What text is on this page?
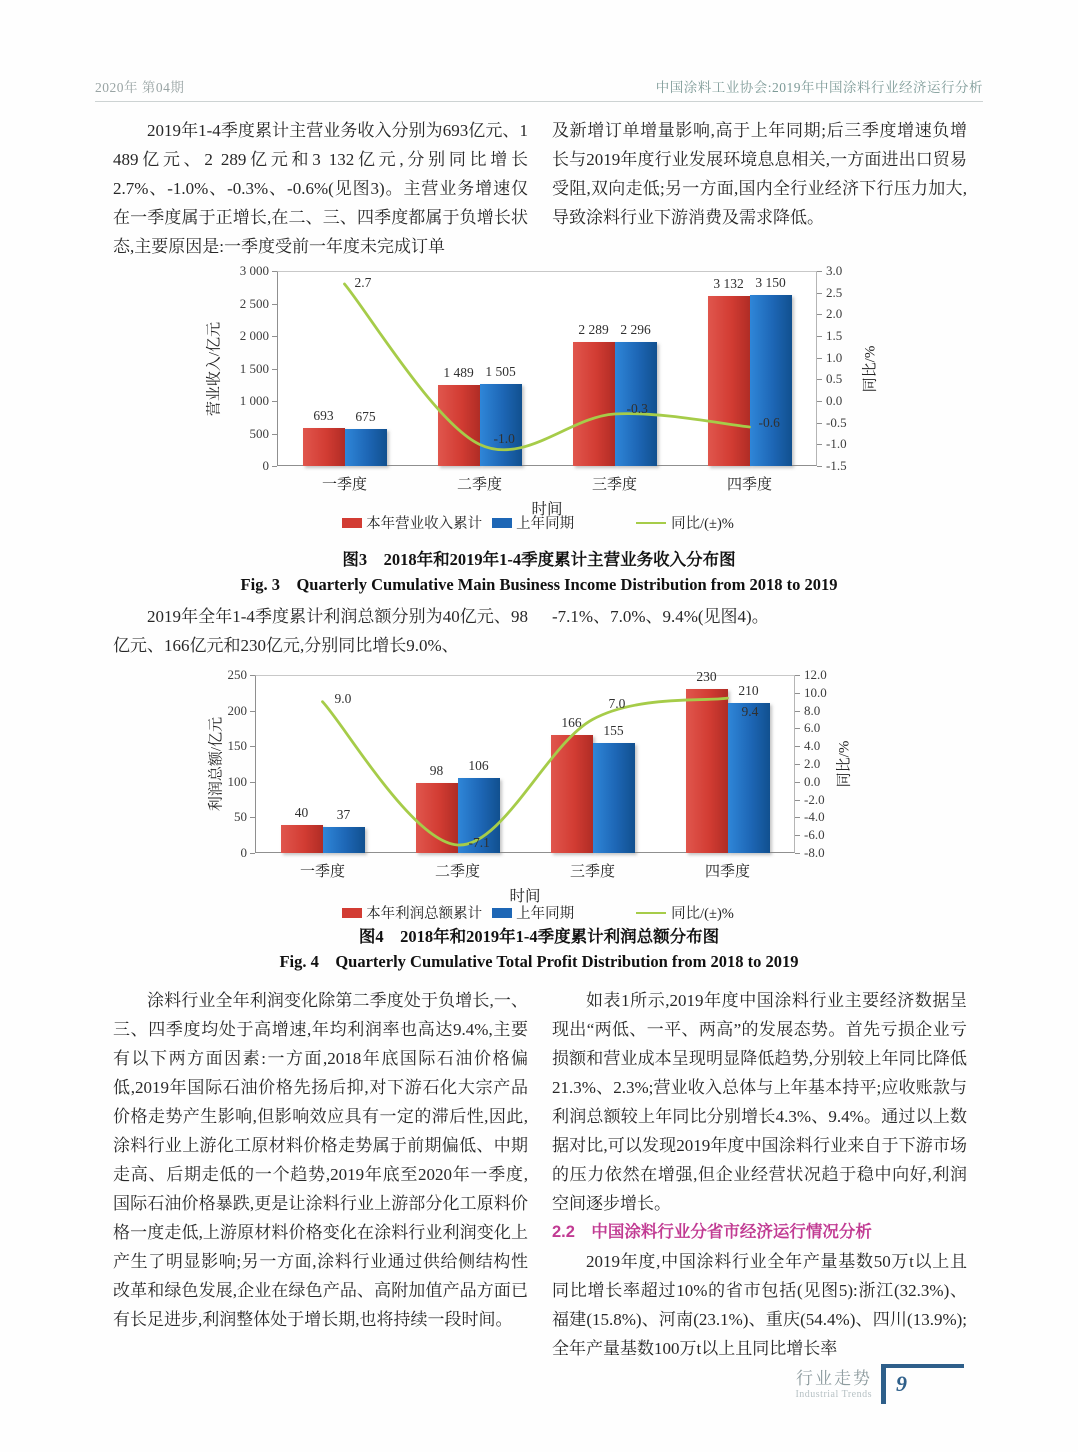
2020年 第04期	中国涂料工业协会:2019年中国涂料行业经济运行分析

2019年1-4季度累计主营业务收入分别为693亿元、1 489亿元、2 289亿元和3 132亿元,分别同比增长2.7%、-1.0%、-0.3%、-0.6%(见图3)。主营业务增速仅在一季度属于正增长,在二、三、四季度都属于负增长状态,主要原因是:一季度受前一年度未完成订单

及新增订单增量影响,高于上年同期;后三季度增速负增长与2019年度行业发展环境息息相关,一方面进出口贸易受阻,双向走低;另一方面,国内全行业经济下行压力加大,导致涂料行业下游消费及需求降低。

3 000
2 500
2 000
1 500
1 000
500
0
3.0
2.5
2.0
1.5
1.0
0.5
0.0
-0.5
-1.0
-1.5
693	675
一季度
1 489 1 505
二季度
2 289 2 296
三季度
3 132 3 150
四季度
2.7
-1.0
-0.3
-0.6
营业收入/亿元	同比/%
时间
本年营业收入累计 上年同期	同比/(±)%
图3　2018年和2019年1-4季度累计主营业务收入分布图
Fig. 3　Quarterly Cumulative Main Business Income Distribution from 2018 to 2019

2019年全年1-4季度累计利润总额分别为40亿元、98亿元、166亿元和230亿元,分别同比增长9.0%、

-7.1%、7.0%、9.4%(见图4)。

250
200
150
100
50
0
12.0
10.0
8.0
6.0
4.0
2.0
0.0
-2.0
-4.0
-6.0
-8.0
40	37
一季度
98	106
二季度
166
155
三季度
230
210
四季度
9.0
-7.1
7.0
9.4
利润总额/亿元	同比/%
时间
本年利润总额累计 上年同期	同比/(±)%
图4　2018年和2019年1-4季度累计利润总额分布图
Fig. 4　Quarterly Cumulative Total Profit Distribution from 2018 to 2019

涂料行业全年利润变化除第二季度处于负增长,一、三、四季度均处于高增速,年均利润率也高达9.4%,主要有以下两方面因素:一方面,2018年底国际石油价格偏低,2019年国际石油价格先扬后抑,对下游石化大宗产品价格走势产生影响,但影响效应具有一定的滞后性,因此,涂料行业上游化工原材料价格走势属于前期偏低、中期走高、后期走低的一个趋势,2019年底至2020年一季度,国际石油价格暴跌,更是让涂料行业上游部分化工原料价格一度走低,上游原材料价格变化在涂料行业利润变化上产生了明显影响;另一方面,涂料行业通过供给侧结构性改革和绿色发展,企业在绿色产品、高附加值产品方面已有长足进步,利润整体处于增长期,也将持续一段时间。

如表1所示,2019年度中国涂料行业主要经济数据呈现出“两低、一平、两高”的发展态势。首先亏损企业亏损额和营业成本呈现明显降低趋势,分别较上年同比降低21.3%、2.3%;营业收入总体与上年基本持平;应收账款与利润总额较上年同比分别增长4.3%、9.4%。通过以上数据对比,可以发现2019年度中国涂料行业来自于下游市场的压力依然在增强,但企业经营状况趋于稳中向好,利润空间逐步增长。

2.2　中国涂料行业分省市经济运行情况分析

2019年度,中国涂料行业全年产量基数50万t以上且同比增长率超过10%的省市包括(见图5):浙江(32.3%)、福建(15.8%)、河南(23.1%)、重庆(54.4%)、四川(13.9%);全年产量基数100万t以上且同比增长率

行业走势
Industrial Trends	9
